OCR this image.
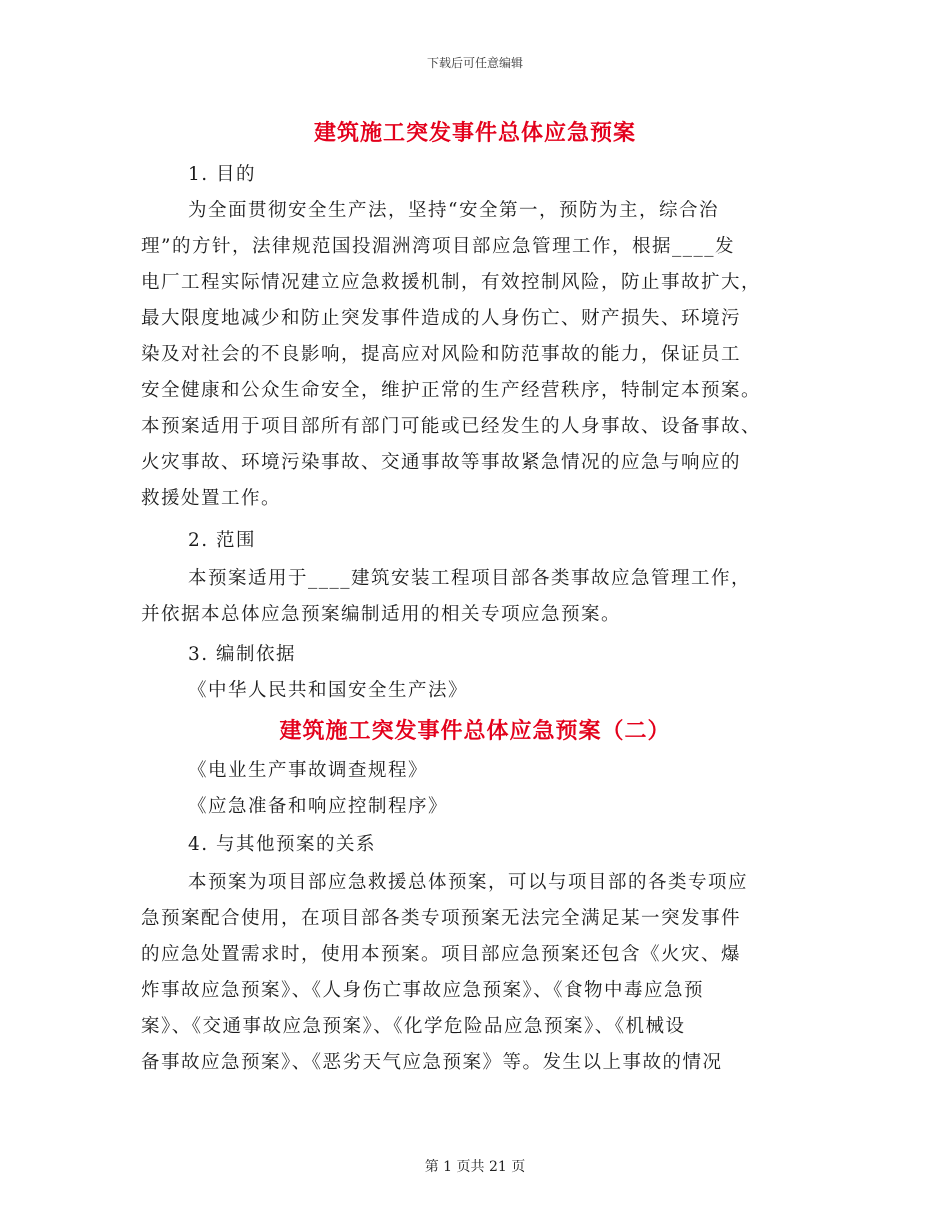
下载后可任意编辑
建筑施工突发事件总体应急预案
1. 目的
为全面贯彻安全生产法，坚持“安全第一，预防为主，综合治
理”的方针，法律规范国投湄洲湾项目部应急管理工作，根据____发
电厂工程实际情况建立应急救援机制，有效控制风险，防止事故扩大，
最大限度地减少和防止突发事件造成的人身伤亡、财产损失、环境污
染及对社会的不良影响，提高应对风险和防范事故的能力，保证员工
安全健康和公众生命安全，维护正常的生产经营秩序，特制定本预案。
本预案适用于项目部所有部门可能或已经发生的人身事故、设备事故、
火灾事故、环境污染事故、交通事故等事故紧急情况的应急与响应的
救援处置工作。
2. 范围
本预案适用于____建筑安装工程项目部各类事故应急管理工作，
并依据本总体应急预案编制适用的相关专项应急预案。
3. 编制依据
《中华人民共和国安全生产法》
建筑施工突发事件总体应急预案（二）
《电业生产事故调查规程》
《应急准备和响应控制程序》
4. 与其他预案的关系
本预案为项目部应急救援总体预案，可以与项目部的各类专项应
急预案配合使用，在项目部各类专项预案无法完全满足某一突发事件
的应急处置需求时，使用本预案。项目部应急预案还包含《火灾、爆
炸事故应急预案》、《人身伤亡事故应急预案》、《食物中毒应急预
案》、《交通事故应急预案》、《化学危险品应急预案》、《机械设
备事故应急预案》、《恶劣天气应急预案》等。发生以上事故的情况
第 1 页共 21 页
